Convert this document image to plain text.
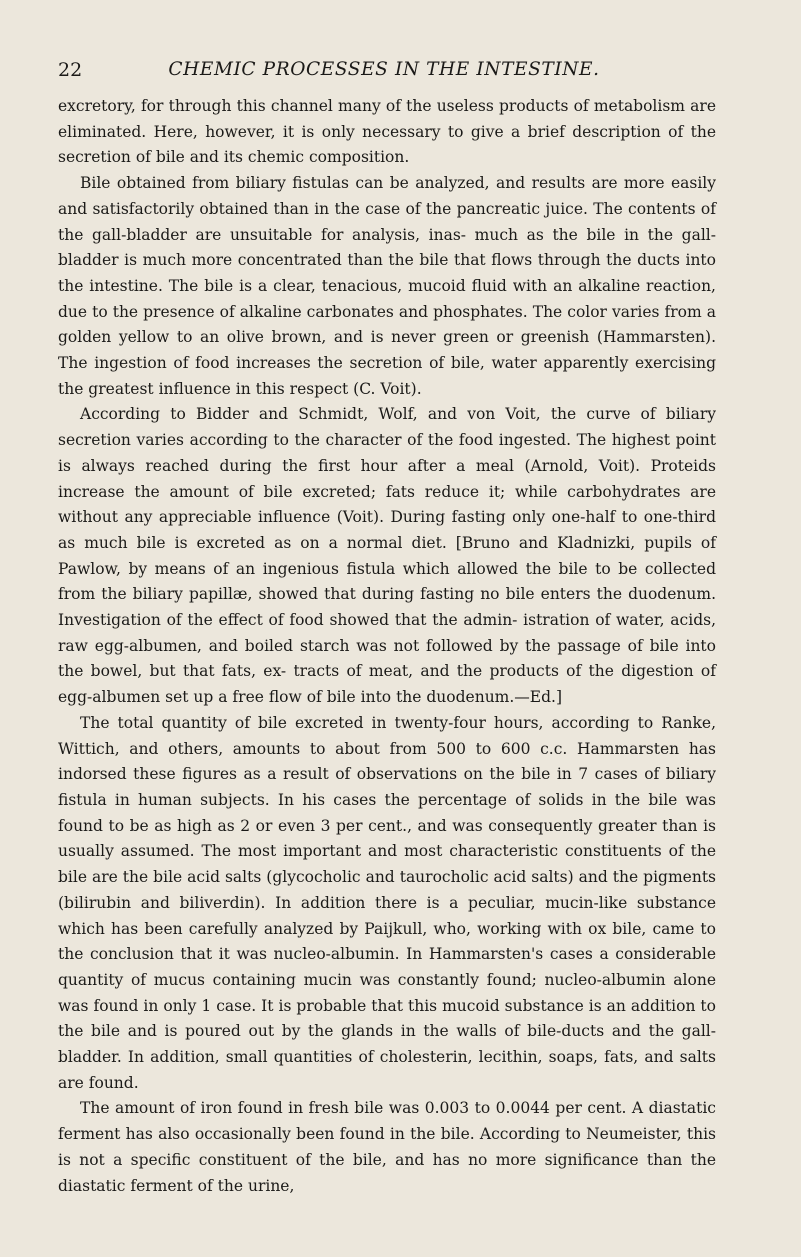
22	CHEMIC PROCESSES IN THE INTESTINE.

excretory, for through this channel many of the useless products of metabolism are eliminated. Here, however, it is only necessary to give a brief description of the secretion of bile and its chemic composition.

Bile obtained from biliary fistulas can be analyzed, and results are more easily and satisfactorily obtained than in the case of the pancreatic juice. The contents of the gall-bladder are unsuitable for analysis, inas- much as the bile in the gall-bladder is much more concentrated than the bile that flows through the ducts into the intestine. The bile is a clear, tenacious, mucoid fluid with an alkaline reaction, due to the presence of alkaline carbonates and phosphates. The color varies from a golden yellow to an olive brown, and is never green or greenish (Hammarsten). The ingestion of food increases the secretion of bile, water apparently exercising the greatest influence in this respect (C. Voit).

According to Bidder and Schmidt, Wolf, and von Voit, the curve of biliary secretion varies according to the character of the food ingested. The highest point is always reached during the first hour after a meal (Arnold, Voit). Proteids increase the amount of bile excreted; fats reduce it; while carbohydrates are without any appreciable influence (Voit). During fasting only one-half to one-third as much bile is excreted as on a normal diet. [Bruno and Kladnizki, pupils of Pawlow, by means of an ingenious fistula which allowed the bile to be collected from the biliary papillæ, showed that during fasting no bile enters the duodenum. Investigation of the effect of food showed that the admin- istration of water, acids, raw egg-albumen, and boiled starch was not followed by the passage of bile into the bowel, but that fats, ex- tracts of meat, and the products of the digestion of egg-albumen set up a free flow of bile into the duodenum.—Ed.]

The total quantity of bile excreted in twenty-four hours, according to Ranke, Wittich, and others, amounts to about from 500 to 600 c.c. Hammarsten has indorsed these figures as a result of observations on the bile in 7 cases of biliary fistula in human subjects. In his cases the percentage of solids in the bile was found to be as high as 2 or even 3 per cent., and was consequently greater than is usually assumed. The most important and most characteristic constituents of the bile are the bile acid salts (glycocholic and taurocholic acid salts) and the pigments (bilirubin and biliverdin). In addition there is a peculiar, mucin-like substance which has been carefully analyzed by Paijkull, who, working with ox bile, came to the conclusion that it was nucleo-albumin. In Hammarsten's cases a considerable quantity of mucus containing mucin was constantly found; nucleo-albumin alone was found in only 1 case. It is probable that this mucoid substance is an addition to the bile and is poured out by the glands in the walls of bile-ducts and the gall- bladder. In addition, small quantities of cholesterin, lecithin, soaps, fats, and salts are found.

The amount of iron found in fresh bile was 0.003 to 0.0044 per cent. A diastatic ferment has also occasionally been found in the bile. According to Neumeister, this is not a specific constituent of the bile, and has no more significance than the diastatic ferment of the urine,
